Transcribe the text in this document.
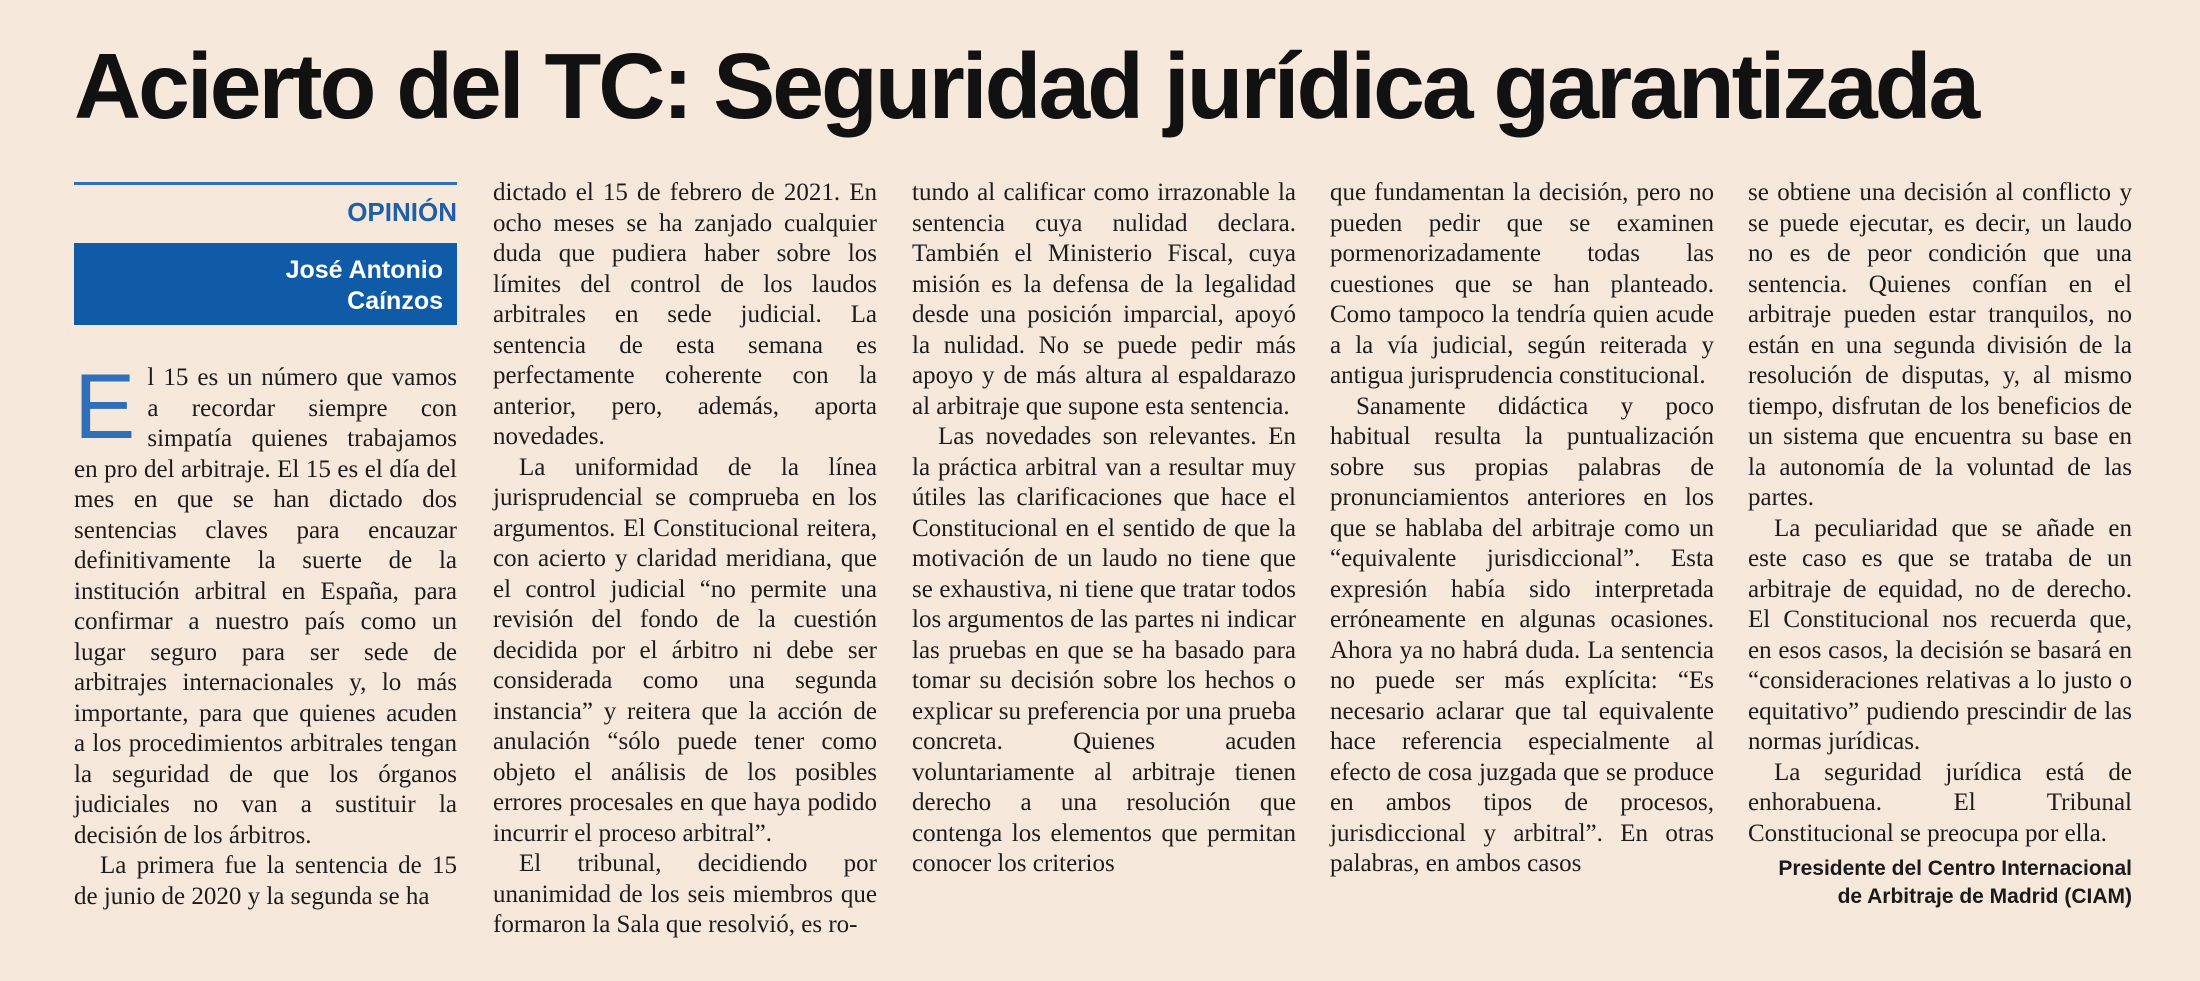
Acierto del TC: Seguridad jurídica garantizada
OPINIÓN
José Antonio
Caínzos

El 15 es un número que vamos a recordar siempre con simpatía quienes trabajamos en pro del arbitraje. El 15 es el día del mes en que se han dictado dos sentencias claves para encauzar definitivamente la suerte de la institución arbitral en España, para confirmar a nuestro país como un lugar seguro para ser sede de arbitrajes internacionales y, lo más importante, para que quienes acuden a los procedimientos arbitrales tengan la seguridad de que los órganos judiciales no van a sustituir la decisión de los árbitros.

La primera fue la sentencia de 15 de junio de 2020 y la segunda se ha

dictado el 15 de febrero de 2021. En ocho meses se ha zanjado cualquier duda que pudiera haber sobre los límites del control de los laudos arbitrales en sede judicial. La sentencia de esta semana es perfectamente coherente con la anterior, pero, además, aporta novedades.

La uniformidad de la línea jurisprudencial se comprueba en los argumentos. El Constitucional reitera, con acierto y claridad meridiana, que el control judicial “no permite una revisión del fondo de la cuestión decidida por el árbitro ni debe ser considerada como una segunda instancia” y reitera que la acción de anulación “sólo puede tener como objeto el análisis de los posibles errores procesales en que haya podido incurrir el proceso arbitral”.

El tribunal, decidiendo por unanimidad de los seis miembros que formaron la Sala que resolvió, es ro-

tundo al calificar como irrazonable la sentencia cuya nulidad declara. También el Ministerio Fiscal, cuya misión es la defensa de la legalidad desde una posición imparcial, apoyó la nulidad. No se puede pedir más apoyo y de más altura al espaldarazo al arbitraje que supone esta sentencia.

Las novedades son relevantes. En la práctica arbitral van a resultar muy útiles las clarificaciones que hace el Constitucional en el sentido de que la motivación de un laudo no tiene que se exhaustiva, ni tiene que tratar todos los argumentos de las partes ni indicar las pruebas en que se ha basado para tomar su decisión sobre los hechos o explicar su preferencia por una prueba concreta. Quienes acuden voluntariamente al arbitraje tienen derecho a una resolución que contenga los elementos que permitan conocer los criterios

que fundamentan la decisión, pero no pueden pedir que se examinen pormenorizadamente todas las cuestiones que se han planteado. Como tampoco la tendría quien acude a la vía judicial, según reiterada y antigua jurisprudencia constitucional.

Sanamente didáctica y poco habitual resulta la puntualización sobre sus propias palabras de pronunciamientos anteriores en los que se hablaba del arbitraje como un “equivalente jurisdiccional”. Esta expresión había sido interpretada erróneamente en algunas ocasiones. Ahora ya no habrá duda. La sentencia no puede ser más explícita: “Es necesario aclarar que tal equivalente hace referencia especialmente al efecto de cosa juzgada que se produce en ambos tipos de procesos, jurisdiccional y arbitral”. En otras palabras, en ambos casos

se obtiene una decisión al conflicto y se puede ejecutar, es decir, un laudo no es de peor condición que una sentencia. Quienes confían en el arbitraje pueden estar tranquilos, no están en una segunda división de la resolución de disputas, y, al mismo tiempo, disfrutan de los beneficios de un sistema que encuentra su base en la autonomía de la voluntad de las partes.

La peculiaridad que se añade en este caso es que se trataba de un arbitraje de equidad, no de derecho. El Constitucional nos recuerda que, en esos casos, la decisión se basará en “consideraciones relativas a lo justo o equitativo” pudiendo prescindir de las normas jurídicas.

La seguridad jurídica está de enhorabuena. El Tribunal Constitucional se preocupa por ella.

Presidente del Centro Internacional
de Arbitraje de Madrid (CIAM)
